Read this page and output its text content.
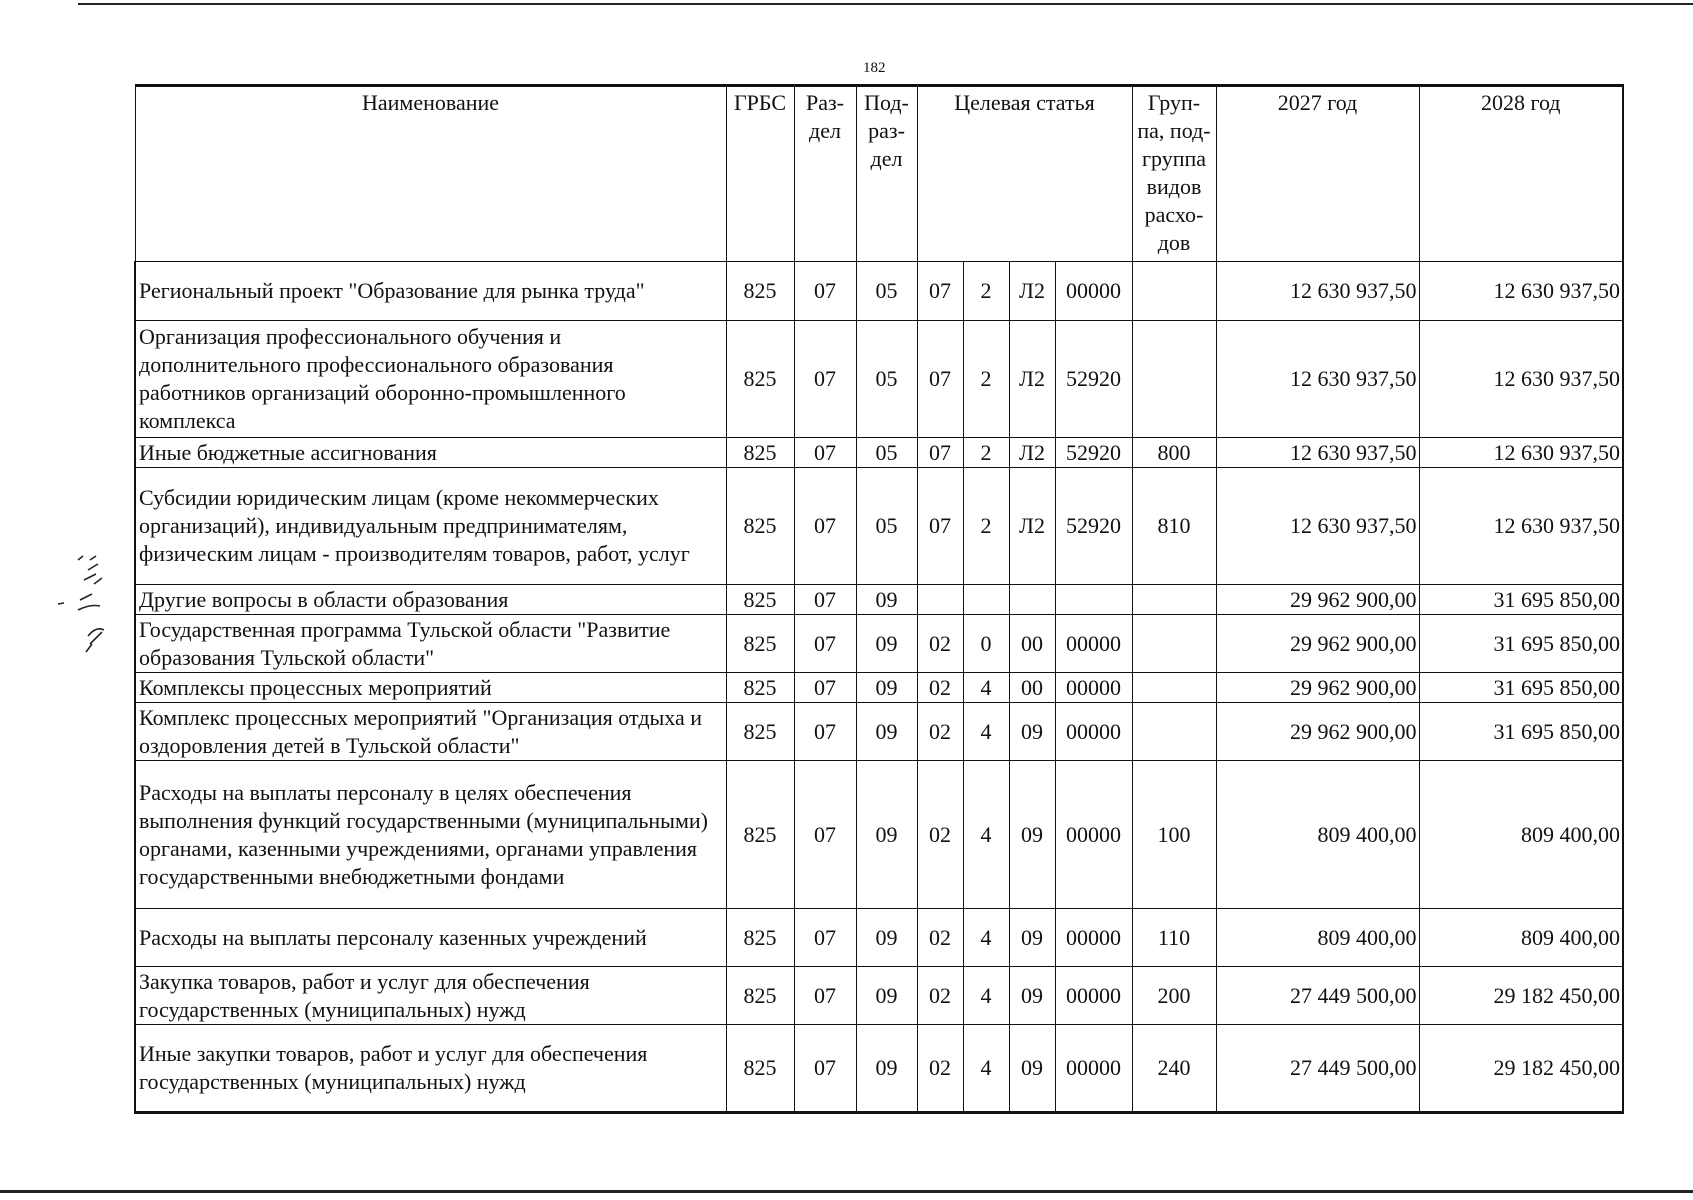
182
Наименование	ГРБС	Раз-дел	Под-раз-дел	Целевая статья				Груп-па, под-группа видов расхо-дов	2027 год	2028 год
Региональный проект "Образование для рынка труда"	825	07	05	07	2	Л2	00000		12 630 937,50	12 630 937,50
Организация профессионального обучения и дополнительного профессионального образования работников организаций оборонно-промышленного комплекса	825	07	05	07	2	Л2	52920		12 630 937,50	12 630 937,50
Иные бюджетные ассигнования	825	07	05	07	2	Л2	52920	800	12 630 937,50	12 630 937,50
Субсидии юридическим лицам (кроме некоммерческих организаций), индивидуальным предпринимателям, физическим лицам - производителям товаров, работ, услуг	825	07	05	07	2	Л2	52920	810	12 630 937,50	12 630 937,50
Другие вопросы в области образования	825	07	09						29 962 900,00	31 695 850,00
Государственная программа Тульской области "Развитие образования Тульской области"	825	07	09	02	0	00	00000		29 962 900,00	31 695 850,00
Комплексы процессных мероприятий	825	07	09	02	4	00	00000		29 962 900,00	31 695 850,00
Комплекс процессных мероприятий "Организация отдыха и оздоровления детей в Тульской области"	825	07	09	02	4	09	00000		29 962 900,00	31 695 850,00
Расходы на выплаты персоналу в целях обеспечения выполнения функций государственными (муниципальными) органами, казенными учреждениями, органами управления государственными внебюджетными фондами	825	07	09	02	4	09	00000	100	809 400,00	809 400,00
Расходы на выплаты персоналу казенных учреждений	825	07	09	02	4	09	00000	110	809 400,00	809 400,00
Закупка товаров, работ и услуг для обеспечения государственных (муниципальных) нужд	825	07	09	02	4	09	00000	200	27 449 500,00	29 182 450,00
Иные закупки товаров, работ и услуг для обеспечения государственных (муниципальных) нужд	825	07	09	02	4	09	00000	240	27 449 500,00	29 182 450,00
